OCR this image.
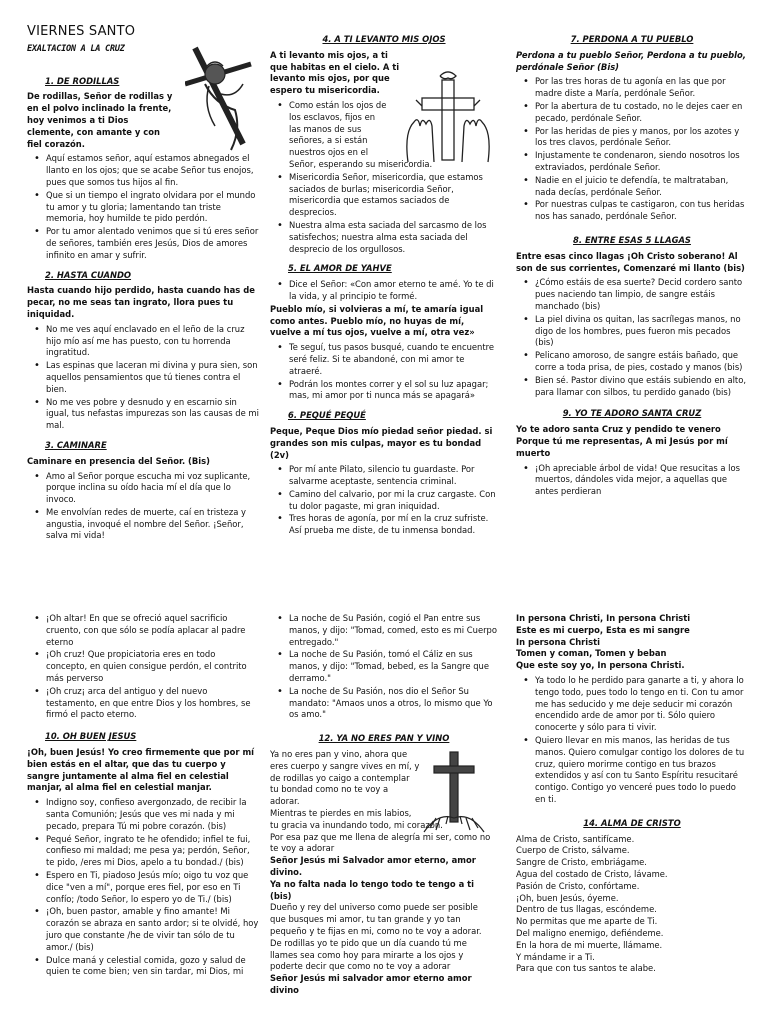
VIERNES SANTO
EXALTACION A LA CRUZ
1. DE RODILLAS

De rodillas, Señor de rodillas y

en el polvo inclinado la frente,

hoy venimos a ti Dios

clemente, con amante y con

fiel corazón.

• Aquí estamos señor, aquí estamos abnegados el llanto en los ojos; que se acabe Señor tus enojos, pues que somos tus hijos al fin.
• Que si un tiempo el ingrato olvidara por el mundo tu amor y tu gloria; lamentando tan triste memoria, hoy humilde te pido perdón.
• Por tu amor alentado venimos que si tú eres señor de señores, también eres Jesús, Dios de amores infinito en amar y sufrir.
2. HASTA CUANDO
Hasta cuando hijo perdido, hasta cuando has de pecar, no me seas tan ingrato, llora pues tu iniquidad.
• No me ves aquí enclavado en el leño de la cruz hijo mío así me has puesto, con tu horrenda ingratitud.
• Las espinas que laceran mi divina y pura sien, son aquellos pensamientos que tú tienes contra el bien.
• No me ves pobre y desnudo y en escarnio sin igual, tus nefastas impurezas son las causas de mi mal.
3. CAMINARE
Caminare en presencia del Señor. (Bis)
• Amo al Señor porque escucha mi voz suplicante, porque inclina su oído hacia mí el día que lo invoco.
• Me envolvían redes de muerte, caí en tristeza y angustia, invoqué el nombre del Señor. ¡Señor, salva mi vida!
4. A TI LEVANTO MIS OJOS

A ti levanto mis ojos, a ti

que habitas en el cielo. A ti

levanto mis ojos, por que

espero tu misericordia.

• Como están los ojos de
los esclavos, fijos en
las manos de sus
señores, a si están
nuestros ojos en el
Señor, esperando su misericordia.
• Misericordia Señor, misericordia, que estamos saciados de burlas; misericordia Señor, misericordia que estamos saciados de desprecios.
• Nuestra alma esta saciada del sarcasmo de los satisfechos; nuestra alma esta saciada del desprecio de los orgullosos.
5. EL AMOR DE YAHVE
• Dice el Señor: «Con amor eterno te amé. Yo te di la vida, y al principio te formé.
Pueblo mío, si volvieras a mí, te amaría igual como antes. Pueblo mío, no huyas de mí, vuelve a mí tus ojos, vuelve a mí, otra vez»
• Te seguí, tus pasos busqué, cuando te encuentre seré feliz. Si te abandoné, con mi amor te atraeré.
• Podrán los montes correr y el sol su luz apagar; mas, mi amor por ti nunca más se apagará»
6. PEQUÉ PEQUÉ
Peque, Peque Dios mío piedad señor piedad. si grandes son mis culpas, mayor es tu bondad (2v)
• Por mí ante Pilato, silencio tu guardaste. Por salvarme aceptaste, sentencia criminal.
• Camino del calvario, por mi la cruz cargaste. Con tu dolor pagaste, mi gran iniquidad.
• Tres horas de agonía, por mí en la cruz sufriste. Así prueba me diste, de tu inmensa bondad.
7. PERDONA A TU PUEBLO
Perdona a tu pueblo Señor, Perdona a tu pueblo, perdónale Señor (Bis)
• Por las tres horas de tu agonía en las que por madre diste a María, perdónale Señor.
• Por la abertura de tu costado, no le dejes caer en pecado, perdónale Señor.
• Por las heridas de pies y manos, por los azotes y los tres clavos, perdónale Señor.
• Injustamente te condenaron, siendo nosotros los extraviados, perdónale Señor.
• Nadie en el juicio te defendía, te maltrataban, nada decías, perdónale Señor.
• Por nuestras culpas te castigaron, con tus heridas nos has sanado, perdónale Señor.
8. ENTRE ESAS 5 LLAGAS
Entre esas cinco llagas ¡Oh Cristo soberano! Al son de sus corrientes, Comenzaré mi llanto (bis)
• ¿Cómo estáis de esa suerte? Decid cordero santo pues naciendo tan limpio, de sangre estáis manchado (bis)
• La piel divina os quitan, las sacrílegas manos, no digo de los hombres, pues fueron mis pecados (bis)
• Pelicano amoroso, de sangre estáis bañado, que corre a toda prisa, de pies, costado y manos (bis)
• Bien sé. Pastor divino que estáis subiendo en alto, para llamar con silbos, tu perdido ganado (bis)
9. YO TE ADORO SANTA CRUZ
Yo te adoro santa Cruz y pendido te venero Porque tú me representas, A mi Jesús por mí muerto
• ¡Oh apreciable árbol de vida! Que resucitas a los muertos, dándoles vida mejor, a aquellas que antes perdieran
• ¡Oh altar! En que se ofreció aquel sacrificio cruento, con que sólo se podía aplacar al padre eterno
• ¡Oh cruz! Que propiciatoria eres en todo concepto, en quien consigue perdón, el contrito más perverso
• ¡Oh cruz¡ arca del antiguo y del nuevo testamento, en que entre Dios y los hombres, se firmó el pacto eterno.
10. OH BUEN JESUS
¡Oh, buen Jesús! Yo creo firmemente que por mí bien estás en el altar, que das tu cuerpo y sangre juntamente al alma fiel en celestial manjar, al alma fiel en celestial manjar.
• Indigno soy, confieso avergonzado, de recibir la santa Comunión; Jesús que ves mi nada y mi pecado, prepara Tú mi pobre corazón. (bis)
• Pequé Señor, ingrato te he ofendido; infiel te fui, confieso mi maldad; me pesa ya; perdón, Señor, te pido, /eres mi Dios, apelo a tu bondad./ (bis)
• Espero en Ti, piadoso Jesús mío; oigo tu voz que dice "ven a mí", porque eres fiel, por eso en Ti confío; /todo Señor, lo espero yo de Ti./ (bis)
• ¡Oh, buen pastor, amable y fino amante! Mi corazón se abraza en santo ardor; si te olvidé, hoy juro que constante /he de vivir tan sólo de tu amor./ (bis)
• Dulce maná y celestial comida, gozo y salud de quien te come bien; ven sin tardar, mi Dios, mi
• La noche de Su Pasión, cogió el Pan entre sus manos, y dijo: "Tomad, comed, esto es mi Cuerpo entregado."
• La noche de Su Pasión, tomó el Cáliz en sus manos, y dijo: "Tomad, bebed, es la Sangre que derramo."
• La noche de Su Pasión, nos dio el Señor Su mandato: "Amaos unos a otros, lo mismo que Yo os amo."
12. YA NO ERES PAN Y VINO

Ya no eres pan y vino, ahora que

eres cuerpo y sangre vives en mí, y

de rodillas yo caigo a contemplar

tu bondad como no te voy a

adorar.

Mientras te pierdes en mis labios,

tu gracia va inundando todo, mi corazón.

Por esa paz que me llena de alegría mi ser, como no

te voy a adorar

Señor Jesús mi Salvador amor eterno, amor divino.

Ya no falta nada lo tengo todo te tengo a ti (bis)

Dueño y rey del universo como puede ser posible

que busques mi amor, tu tan grande y yo tan

pequeño y te fijas en mi, como no te voy a adorar.

De rodillas yo te pido que un día cuando tú me

llames sea como hoy para mirarte a los ojos y

poderte decir que como no te voy a adorar

Señor Jesús mi salvador amor eterno amor divino

In persona Christi, In persona Christi

Este es mi cuerpo, Esta es mi sangre

In persona Christi

Tomen y coman, Tomen y beban

Que este soy yo, In persona Christi.

• Ya todo lo he perdido para ganarte a ti, y ahora lo tengo todo, pues todo lo tengo en ti. Con tu amor me has seducido y me deje seducir mi corazón encendido arde de amor por ti. Sólo quiero conocerte y sólo para ti vivir.
• Quiero llevar en mis manos, las heridas de tus manos. Quiero comulgar contigo los dolores de tu cruz, quiero morirme contigo en tus brazos extendidos y así con tu Santo Espíritu resucitaré contigo. Contigo yo venceré pues todo lo puedo en ti.
14. ALMA DE CRISTO

Alma de Cristo, santifícame.

Cuerpo de Cristo, sálvame.

Sangre de Cristo, embriágame.

Agua del costado de Cristo, lávame.

Pasión de Cristo, confórtame.

¡Oh, buen Jesús, óyeme.

Dentro de tus llagas, escóndeme.

No permitas que me aparte de Ti.

Del maligno enemigo, defiéndeme.

En la hora de mi muerte, llámame.

Y mándame ir a Ti.

Para que con tus santos te alabe.
